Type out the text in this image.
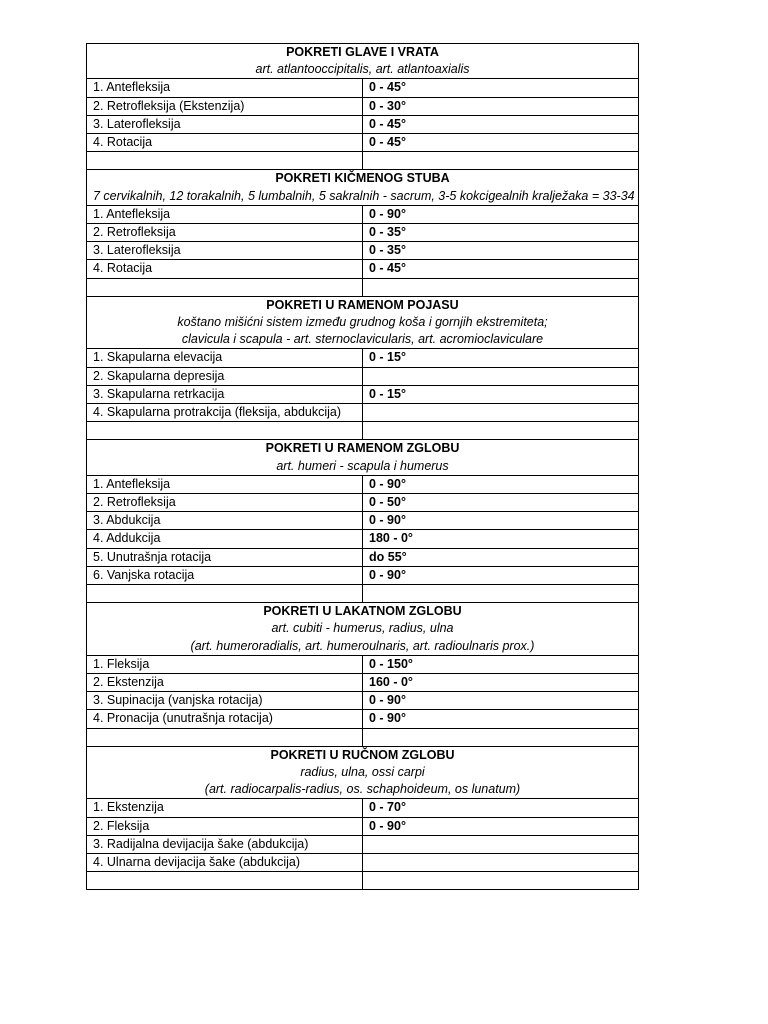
POKRETI GLAVE I VRATA
art. atlantooccipitalis, art. atlantoaxialis	

1. Antefleksija	0 - 45°
2. Retrofleksija (Ekstenzija)	0 - 30°
3. Laterofleksija	0 - 45°
4. Rotacija	0 - 45°

POKRETI KIČMENOG STUBA
7 cervikalnih, 12 torakalnih, 5 lumbalnih, 5 sakralnih - sacrum, 3-5 kokcigealnih kralježaka = 33-34	

1. Antefleksija	0 - 90°
2. Retrofleksija	0 - 35°
3. Laterofleksija	0 - 35°
4. Rotacija	0 - 45°

POKRETI U RAMENOM POJASU
koštano mišićni sistem između grudnog koša i gornjih ekstremiteta;
clavicula i scapula - art. sternoclavicularis, art. acromioclaviculare	

1. Skapularna elevacija	0 - 15°
2. Skapularna depresija	
3. Skapularna retrkacija	0 - 15°
4. Skapularna protrakcija (fleksija, abdukcija)	

POKRETI U RAMENOM ZGLOBU
art. humeri - scapula i humerus	

1. Antefleksija	0 - 90°
2. Retrofleksija	0 - 50°
3. Abdukcija	0 - 90°
4. Addukcija	180 - 0°
5. Unutrašnja rotacija	do 55°
6. Vanjska rotacija	0 - 90°

POKRETI U LAKATNOM ZGLOBU
art. cubiti - humerus, radius, ulna
(art. humeroradialis, art. humeroulnaris, art. radioulnaris prox.)	

1. Fleksija	0 - 150°
2. Ekstenzija	160 - 0°
3. Supinacija (vanjska rotacija)	0 - 90°
4. Pronacija (unutrašnja rotacija)	0 - 90°

POKRETI U RUČNOM ZGLOBU
radius, ulna, ossi carpi
(art. radiocarpalis-radius, os. schaphoideum, os lunatum)	

1. Ekstenzija	0 - 70°
2. Fleksija	0 - 90°
3. Radijalna devijacija šake (abdukcija)	
4. Ulnarna devijacija šake (abdukcija)	
